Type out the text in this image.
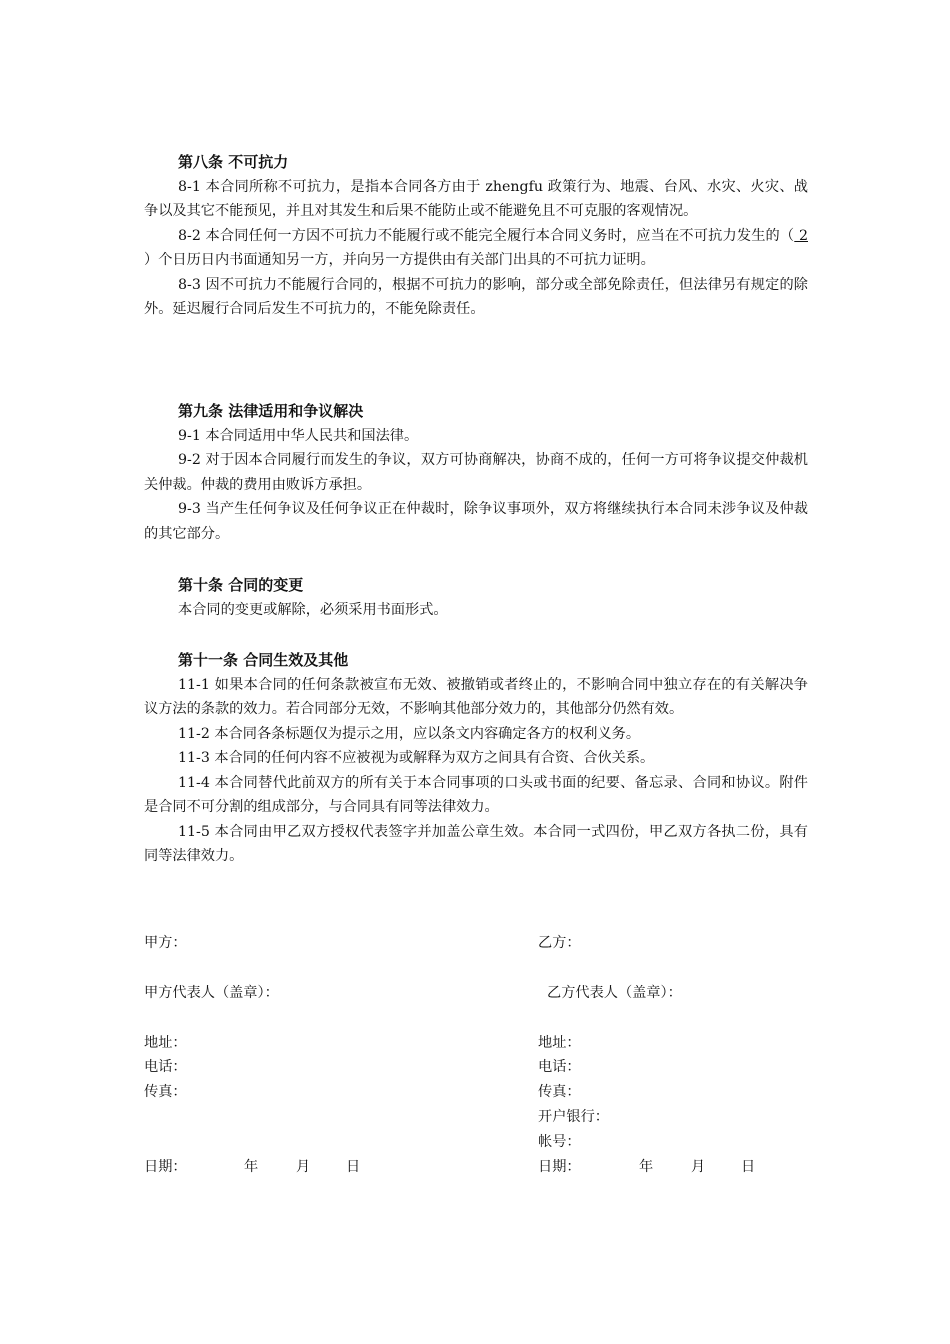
第八条 不可抗力

8-1 本合同所称不可抗力，是指本合同各方由于 zhengfu 政策行为、地震、台风、水灾、火灾、战争以及其它不能预见，并且对其发生和后果不能防止或不能避免且不可克服的客观情况。

8-2 本合同任何一方因不可抗力不能履行或不能完全履行本合同义务时，应当在不可抗力发生的（ 2 ）个日历日内书面通知另一方，并向另一方提供由有关部门出具的不可抗力证明。

8-3 因不可抗力不能履行合同的，根据不可抗力的影响，部分或全部免除责任，但法律另有规定的除外。延迟履行合同后发生不可抗力的，不能免除责任。

第九条 法律适用和争议解决

9-1 本合同适用中华人民共和国法律。

9-2 对于因本合同履行而发生的争议，双方可协商解决，协商不成的，任何一方可将争议提交仲裁机关仲裁。仲裁的费用由败诉方承担。

9-3 当产生任何争议及任何争议正在仲裁时，除争议事项外，双方将继续执行本合同未涉争议及仲裁的其它部分。

第十条 合同的变更

本合同的变更或解除，必须采用书面形式。

第十一条 合同生效及其他

11-1 如果本合同的任何条款被宣布无效、被撤销或者终止的，不影响合同中独立存在的有关解决争议方法的条款的效力。若合同部分无效，不影响其他部分效力的，其他部分仍然有效。

11-2 本合同各条标题仅为提示之用，应以条文内容确定各方的权利义务。

11-3 本合同的任何内容不应被视为或解释为双方之间具有合资、合伙关系。

11-4 本合同替代此前双方的所有关于本合同事项的口头或书面的纪要、备忘录、合同和协议。附件是合同不可分割的组成部分，与合同具有同等法律效力。

11-5 本合同由甲乙双方授权代表签字并加盖公章生效。本合同一式四份，甲乙双方各执二份，具有同等法律效力。

甲方：
甲方代表人（盖章）：
地址：
电话：
传真：
日期：	年	月	日
乙方：
乙方代表人（盖章）：
地址：
电话：
传真：
开户银行：
帐号：
日期：	年	月	日
